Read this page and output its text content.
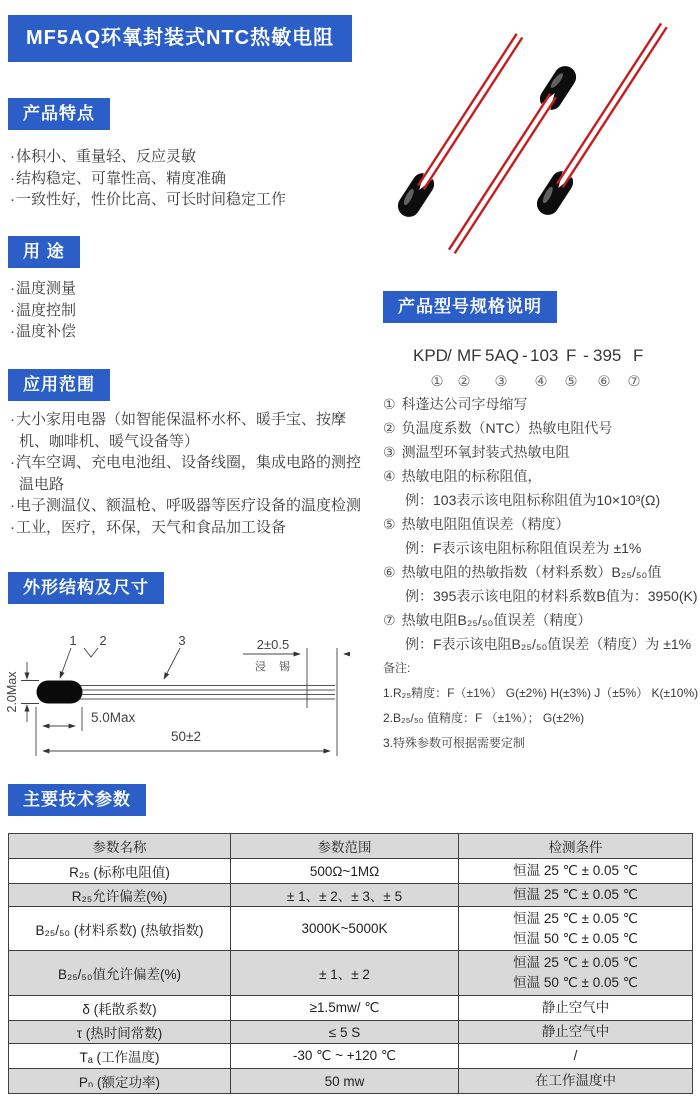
MF5AQ环氧封装式NTC热敏电阻
产品特点
· 体积小、重量轻、反应灵敏
· 结构稳定、可靠性高、精度准确
· 一致性好，性价比高、可长时间稳定工作
用 途
· 温度测量
· 温度控制
· 温度补偿
应用范围
· 大小家用电器（如智能保温杯水杯、暖手宝、按摩机、咖啡机、暖气设备等）
· 汽车空调、充电电池组、设备线圈，集成电路的测控温电路
· 电子测温仪、额温枪、呼吸器等医疗设备的温度检测
· 工业，医疗，环保，天气和食品加工设备
外形结构及尺寸
1 2	3
2.0Max
5.0Max
50±2
2±0.5
浸 锡
产品型号规格说明
KPD / MF 5AQ - 103 F - 395 F
① ② ③ ④ ⑤ ⑥ ⑦
① 科蓬达公司字母缩写
② 负温度系数（NTC）热敏电阻代号
③ 测温型环氧封装式热敏电阻
④ 热敏电阻的标称阻值，
例：103表示该电阻标称阻值为10×10³(Ω)
⑤ 热敏电阻阻值误差（精度）
例：F表示该电阻标称阻值误差为 ±1%
⑥ 热敏电阻的热敏指数（材料系数）B₂₅/₅₀值
例：395表示该电阻的材料系数B值为：3950(K)
⑦ 热敏电阻B₂₅/₅₀值误差（精度）
例：F表示该电阻B₂₅/₅₀值误差（精度）为 ±1%
备注:
1.R₂₅精度：F（±1%） G(±2%) H(±3%) J（±5%） K(±10%)
2.B₂₅/₅₀ 值精度：F （±1%）； G(±2%)
3.特殊参数可根据需要定制
主要技术参数
参数名称	参数范围	检测条件
R₂₅ (标称电阻值)	500Ω~1MΩ	恒温 25 ℃ ± 0.05 ℃

R₂₅允许偏差(%)	± 1、± 2、± 3、± 5	恒温 25 ℃ ± 0.05 ℃

B₂₅/₅₀ (材料系数) (热敏指数)	3000K~5000K	恒温 25 ℃ ± 0.05 ℃
恒温 50 ℃ ± 0.05 ℃

B₂₅/₅₀值允许偏差(%)	± 1、± 2	恒温 25 ℃ ± 0.05 ℃
恒温 50 ℃ ± 0.05 ℃

δ (耗散系数)	≥1.5mw/ ℃	静止空气中

τ (热时间常数)	≤ 5 S	静止空气中

Tₐ (工作温度)	-30 ℃ ~ +120 ℃	/

Pₙ (额定功率)	50 mw	在工作温度中
